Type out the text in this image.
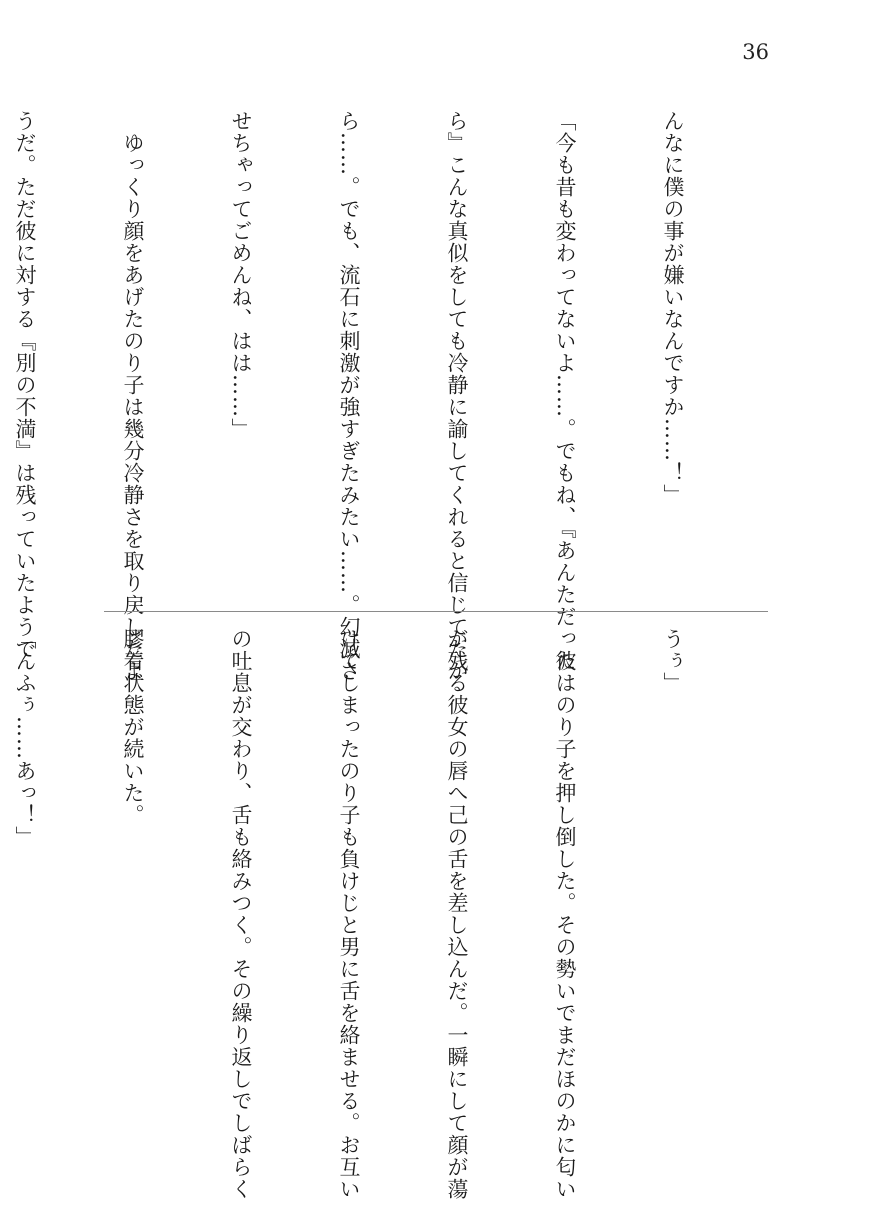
36

んなに僕の事が嫌いなんですか……！」

「今も昔も変わってないよ……。でもね、『あんただった

ら』こんな真似をしても冷静に諭してくれると信じてたか

ら……。でも、流石に刺激が強すぎたみたい……。幻滅さ

せちゃってごめんね、はは……」

　ゆっくり顔をあげたのり子は幾分冷静さを取り戻したよ

うだ。ただ彼に対する『別の不満』は残っていたようで

うぅ」

　彼はのり子を押し倒した。その勢いでまだほのかに匂い

が残る彼女の唇へ己の舌を差し込んだ。一瞬にして顔が蕩

けてしまったのり子も負けじと男に舌を絡ませる。お互い

の吐息が交わり、舌も絡みつく。その繰り返しでしばらく

膠着状態が続いた。

「んふぅ……あっ！」
